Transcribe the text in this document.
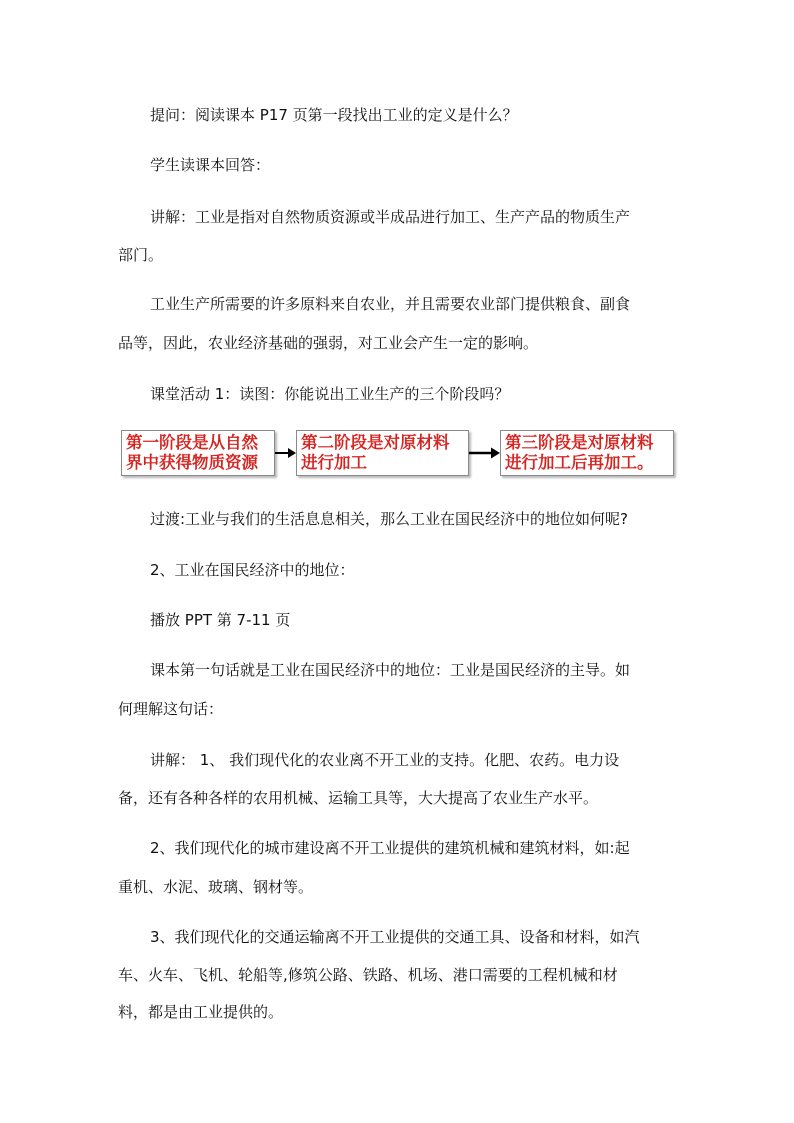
提问：阅读课本 P17 页第一段找出工业的定义是什么？

学生读课本回答：

讲解：工业是指对自然物质资源或半成品进行加工、生产产品的物质生产

部门。

工业生产所需要的许多原料来自农业，并且需要农业部门提供粮食、副食

品等，因此，农业经济基础的强弱，对工业会产生一定的影响。

课堂活动 1：读图：你能说出工业生产的三个阶段吗？

第一阶段是从自然
界中获得物质资源
第二阶段是对原材料
进行加工
第三阶段是对原材料
进行加工后再加工。

过渡:工业与我们的生活息息相关，那么工业在国民经济中的地位如何呢?

2、工业在国民经济中的地位：

播放 PPT 第 7-11 页

课本第一句话就是工业在国民经济中的地位：工业是国民经济的主导。如

何理解这句话：

讲解： 1、 我们现代化的农业离不开工业的支持。化肥、农药。电力设

备，还有各种各样的农用机械、运输工具等，大大提高了农业生产水平。

2、我们现代化的城市建设离不开工业提供的建筑机械和建筑材料，如:起

重机、水泥、玻璃、钢材等。

3、我们现代化的交通运输离不开工业提供的交通工具、设备和材料，如汽

车、火车、飞机、轮船等,修筑公路、铁路、机场、港口需要的工程机械和材

料，都是由工业提供的。
